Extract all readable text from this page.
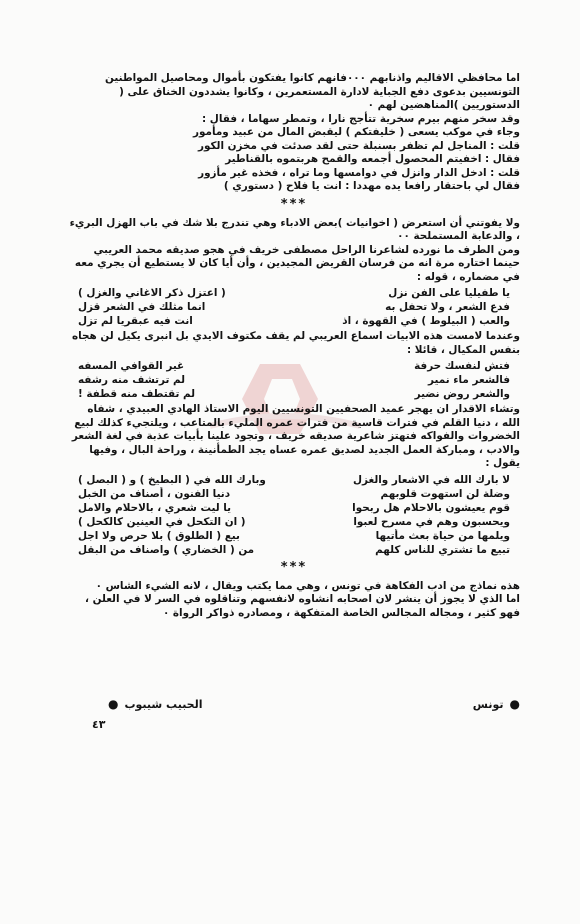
اما محافظي الاقاليم واذنابهم ٠٠٠فانهم كانوا يفتكون بأموال ومحاصيل المواطنين التونسيين بدعوى دفع الجباية لادارة المستعمرين ، وكانوا يشددون الخناق على ( الدستوريين )المناهضين لهم ٠

وقد سخر منهم بيرم سخرية تتأجج نارا ، وتمطر سهاما ، فقال :

وجاء في موكب يسعى ( خليفتكم ) ليقبض المال من عبيد ومأمور

قلت : المناجل لم تظفر بسنبلة حتى لقد صدئت في مخزن الكور

فقال : اخفيتم المحصول أجمعه والقمح هربتموه بالقناطير

قلت : ادخل الدار وانزل في دوامسها وما تراه ، فخذه غير مأزور

فقال لي باحتقار رافعا يده مهددا : انت يا فلاح ( دستوري )

***

ولا يفوتني أن استعرض ( اخوانيات )بعض الادباء وهي تندرج بلا شك في باب الهزل البريء ، والدعابة المستملحة ٠٠

ومن الطرف ما نورده لشاعرنا الراحل مصطفى خريف في هجو صديقه محمد العريبي حينما اختاره مرة انه من فرسان القريض المجيدين ، وأن أيا كان لا يستطيع أن يجري معه في مضماره ، قوله :

يا طفيليا على الفن نزل
( اعتزل ذكر الاغاني والغزل )
فدع الشعر ، ولا تحفل به
انما مثلك في الشعر قزل
والعب ( البيلوط ) في القهوة ، اذ
انت فيه عبقريا لم تزل

وعندما لامست هذه الابيات اسماع العريبي لم يقف مكتوف الايدي بل انبرى يكيل لن هجاه بنفس المكيال ، قائلا :

فتش لنفسك حرفة
غير القوافي المسفه
فالشعر ماء نمير
لم ترتشف منه رشفه
والشعر روض نضير
لم تقتطف منه قطفة !

وتشاء الاقدار ان يهجر عميد الصحفيين التونسيين اليوم الاستاذ الهادي العبيدي ، شفاه الله ، دنيا القلم في فترات قاسية من فترات عمره المليء بالمتاعب ، ويلتجيء كذلك لبيع الخضروات والفواكه فتهتز شاعرية صديقه خريف ، وتجود علينا بأبيات عذبة في لغة الشعر والادب ، ومباركة العمل الجديد لصديق عمره عساه يجد الطمأنينة ، وراحة البال ، وفيها يقول :

لا بارك الله في الاشعار والغزل
وبارك الله في ( البطيخ ) و ( البصل )
وضلة لن استهوت قلوبهم
دنيا الفنون ، أصناف من الخبل
قوم يعيشون بالاحلام هل ربحوا
يا ليت شعري ، بالاحلام والامل
ويحسبون وهم في مسرح لعبوا
( ان التكحل في العينين كالكحل )
ويلمها من حياة بعث مأتيها
بيع ( الطلوق ) بلا حرص ولا اجل
تبيع ما تشتري للناس كلهم
من ( الخضاري ) واصناف من البقل
***

هذه نماذج من ادب الفكاهة في تونس ، وهي مما يكتب ويقال ، لانه الشيء الشاس ٠

اما الذي لا يجوز أن ينشر لان اصحابه انشاوه لانفسهم وتناقلوه في السر لا في العلن ، فهو كثير ، ومجاله المجالس الخاصة المتفكهة ، ومصادره ذواكر الرواة ٠

●تونس
الحبيب شيبوب●
٤٣
